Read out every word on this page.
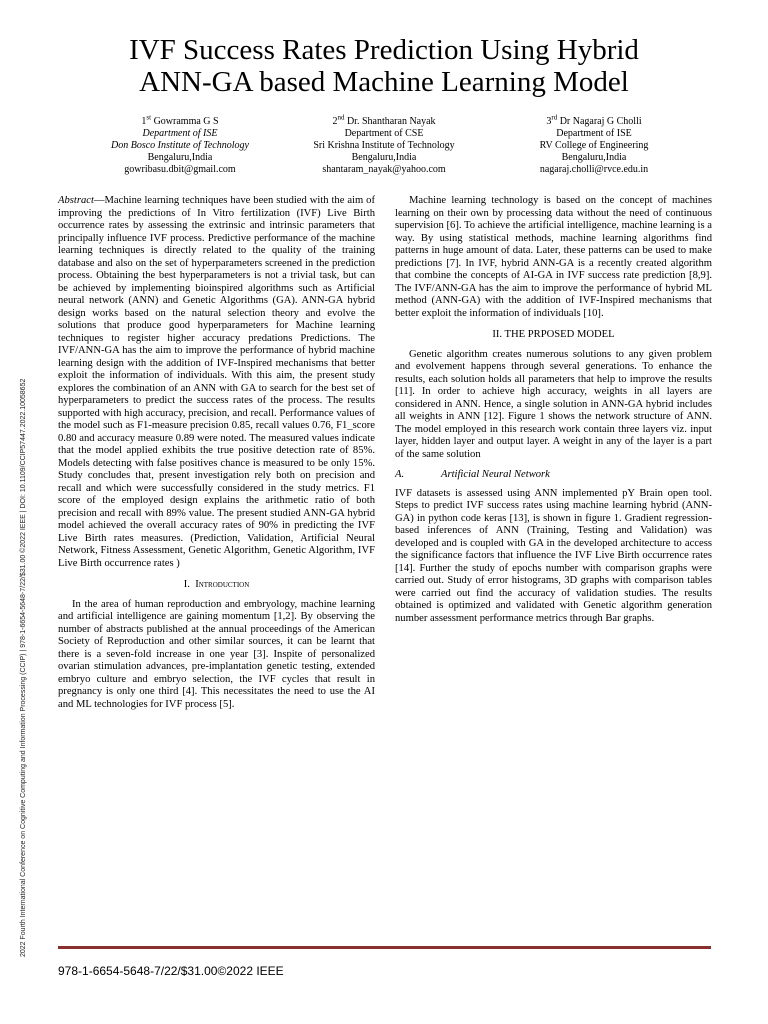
2022 Fourth International Conference on Cognitive Computing and Information Processing (CCIP) | 978-1-6654-5648-7/22/$31.00 ©2022 IEEE | DOI: 10.1109/CCIP57447.2022.10058652
IVF Success Rates Prediction Using Hybrid
ANN-GA based Machine Learning Model
1st Gowramma G S
Department of ISE
Don Bosco Institute of Technology
Bengaluru,India
gowribasu.dbit@gmail.com
2nd Dr. Shantharan Nayak
Department of CSE
Sri Krishna Institute of Technology
Bengaluru,India
shantaram_nayak@yahoo.com
3rd Dr Nagaraj G Cholli
Department of ISE
RV College of Engineering
Bengaluru,India
nagaraj.cholli@rvce.edu.in

Abstract—Machine learning techniques have been studied with the aim of improving the predictions of In Vitro fertilization (IVF) Live Birth occurrence rates by assessing the extrinsic and intrinsic parameters that principally influence IVF process. Predictive performance of the machine learning techniques is directly related to the quality of the training database and also on the set of hyperparameters screened in the prediction process. Obtaining the best hyperparameters is not a trivial task, but can be achieved by implementing bioinspired algorithms such as Artificial neural network (ANN) and Genetic Algorithms (GA). ANN-GA hybrid design works based on the natural selection theory and evolve the solutions that produce good hyperparameters for Machine learning techniques to register higher accuracy predations Predictions. The IVF/ANN-GA has the aim to improve the performance of hybrid machine learning design with the addition of IVF-Inspired mechanisms that better exploit the information of individuals. With this aim, the present study explores the combination of an ANN with GA to search for the best set of hyperparameters to predict the success rates of the process. The results supported with high accuracy, precision, and recall. Performance values of the model such as F1-measure precision 0.85, recall values 0.76, F1_score 0.80 and accuracy measure 0.89 were noted. The measured values indicate that the model applied exhibits the true positive detection rate of 85%. Models detecting with false positives chance is measured to be only 15%. Study concludes that, present investigation rely both on precision and recall and which were successfully considered in the study metrics. F1 score of the employed design explains the arithmetic ratio of both precision and recall with 89% value. The present studied ANN-GA hybrid model achieved the overall accuracy rates of 90% in predicting the IVF Live Birth rates measures. (Prediction, Validation, Artificial Neural Network, Fitness Assessment, Genetic Algorithm, Genetic Algorithm, IVF Live Birth occurrence rates )

I. Introduction

In the area of human reproduction and embryology, machine learning and artificial intelligence are gaining momentum [1,2]. By observing the number of abstracts published at the annual proceedings of the American Society of Reproduction and other similar sources, it can be learnt that there is a seven-fold increase in one year [3]. Inspite of personalized ovarian stimulation advances, pre-implantation genetic testing, extended embryo culture and embryo selection, the IVF cycles that result in pregnancy is only one third [4]. This necessitates the need to use the AI and ML technologies for IVF process [5].

Machine learning technology is based on the concept of machines learning on their own by processing data without the need of continuous supervision [6]. To achieve the artificial intelligence, machine learning is a way. By using statistical methods, machine learning algorithms find patterns in huge amount of data. Later, these patterns can be used to make predictions [7]. In IVF, hybrid ANN-GA is a recently created algorithm that combine the concepts of AI-GA in IVF success rate prediction [8,9]. The IVF/ANN-GA has the aim to improve the performance of hybrid ML method (ANN-GA) with the addition of IVF-Inspired mechanisms that better exploit the information of individuals [10].

II. THE PRPOSED MODEL

Genetic algorithm creates numerous solutions to any given problem and evolvement happens through several generations. To enhance the results, each solution holds all parameters that help to improve the results [11]. In order to achieve high accuracy, weights in all layers are considered in ANN. Hence, a single solution in ANN-GA hybrid includes all weights in ANN [12]. Figure 1 shows the network structure of ANN. The model employed in this research work contain three layers viz. input layer, hidden layer and output layer. A weight in any of the layer is a part of the same solution

A.	Artificial Neural Network

IVF datasets is assessed using ANN implemented pY Brain open tool. Steps to predict IVF success rates using machine learning hybrid (ANN-GA) in python code keras [13], is shown in figure 1. Gradient regression-based inferences of ANN (Training, Testing and Validation) was developed and is coupled with GA in the developed architecture to access the significance factors that influence the IVF Live Birth occurrence rates [14]. Further the study of epochs number with comparison graphs were carried out. Study of error histograms, 3D graphs with comparison tables were carried out find the accuracy of validation studies. The results obtained is optimized and validated with Genetic algorithm generation number assessment performance metrics through Bar graphs.

978-1-6654-5648-7/22/$31.00©2022 IEEE
